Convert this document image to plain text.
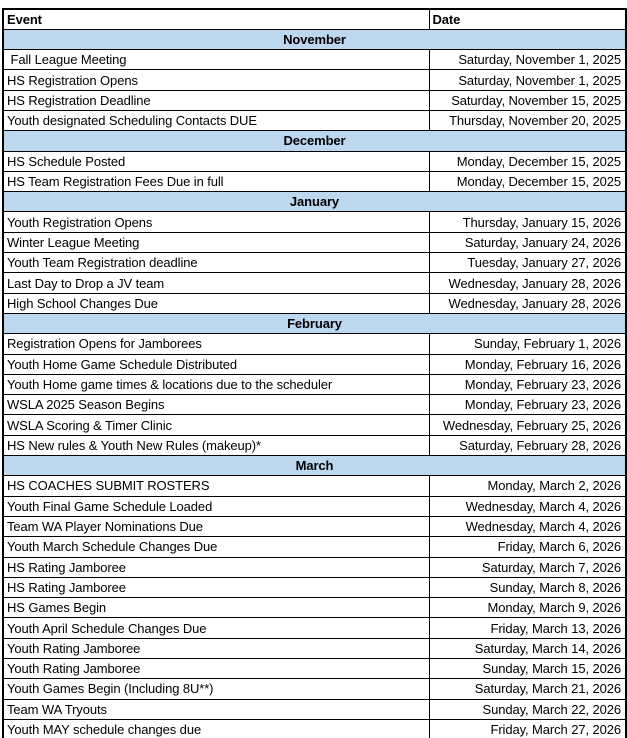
Event	Date
November	
Fall League Meeting	Saturday, November 1, 2025
HS Registration Opens	Saturday, November 1, 2025
HS Registration Deadline	Saturday, November 15, 2025
Youth designated Scheduling Contacts DUE	Thursday, November 20, 2025
December	
HS Schedule Posted	Monday, December 15, 2025
HS Team Registration Fees Due in full	Monday, December 15, 2025
January	
Youth Registration Opens	Thursday, January 15, 2026
Winter League Meeting	Saturday, January 24, 2026
Youth Team Registration deadline	Tuesday, January 27, 2026
Last Day to Drop a JV team	Wednesday, January 28, 2026
High School Changes Due	Wednesday, January 28, 2026
February	
Registration Opens for Jamborees	Sunday, February 1, 2026
Youth Home Game Schedule Distributed	Monday, February 16, 2026
Youth Home game times & locations due to the scheduler	Monday, February 23, 2026
WSLA 2025 Season Begins	Monday, February 23, 2026
WSLA Scoring & Timer Clinic	Wednesday, February 25, 2026
HS New rules & Youth New Rules (makeup)*	Saturday, February 28, 2026
March	
HS COACHES SUBMIT ROSTERS	Monday, March 2, 2026
Youth Final Game Schedule Loaded	Wednesday, March 4, 2026
Team WA Player Nominations Due	Wednesday, March 4, 2026
Youth March Schedule Changes Due	Friday, March 6, 2026
HS Rating Jamboree	Saturday, March 7, 2026
HS Rating Jamboree	Sunday, March 8, 2026
HS Games Begin	Monday, March 9, 2026
Youth April Schedule Changes Due	Friday, March 13, 2026
Youth Rating Jamboree	Saturday, March 14, 2026
Youth Rating Jamboree	Sunday, March 15, 2026
Youth Games Begin (Including 8U**)	Saturday, March 21, 2026
Team WA Tryouts	Sunday, March 22, 2026
Youth MAY schedule changes due	Friday, March 27, 2026
